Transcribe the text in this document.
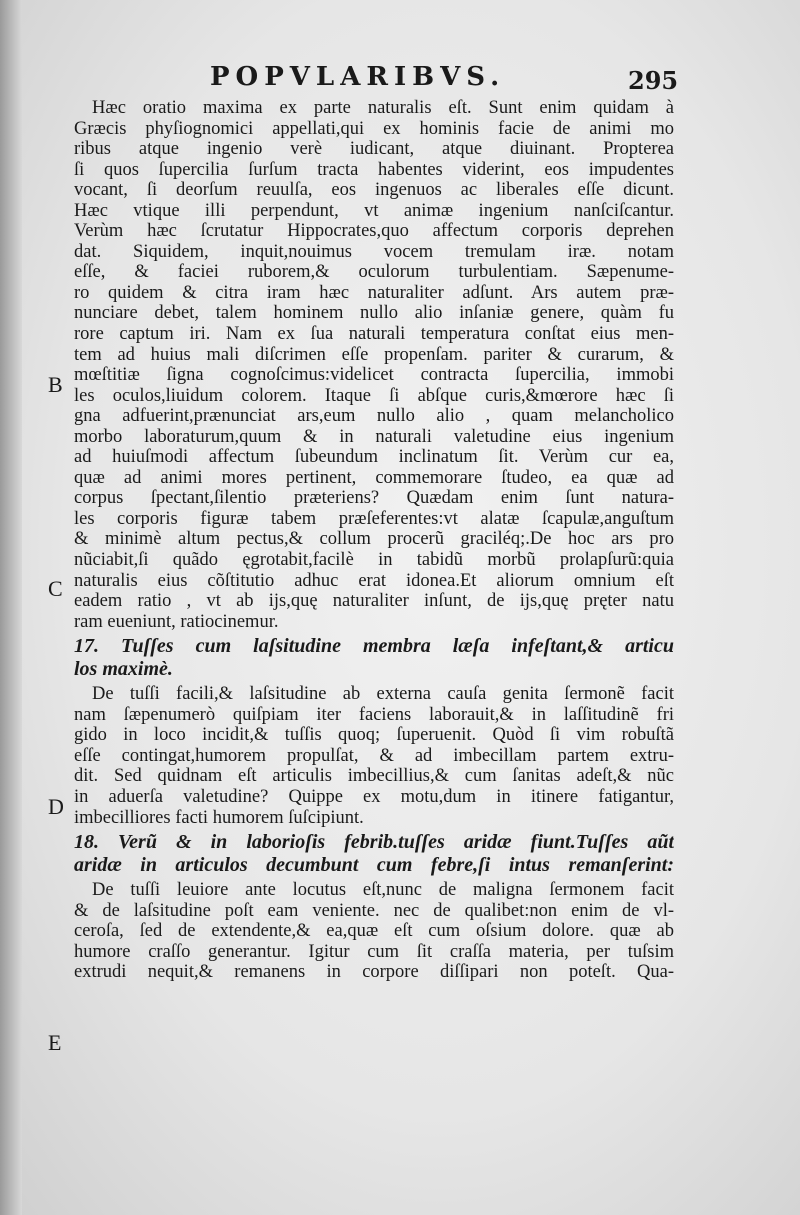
POPVLARIBVS.	295
B
C
D
E
Hæc oratio maxima ex parte naturalis eſt. Sunt enim quidam à
Græcis phyſiognomici appellati,qui ex hominis facie de animi mo
ribus atque ingenio verè iudicant, atque diuinant. Propterea
ſi quos ſupercilia ſurſum tracta habentes viderint, eos impudentes
vocant, ſi deorſum reuulſa, eos ingenuos ac liberales eſſe dicunt.
Hæc vtique illi perpendunt, vt animæ ingenium nanſciſcantur.
Verùm hæc ſcrutatur Hippocrates,quo affectum corporis deprehen
dat. Siquidem, inquit,nouimus vocem tremulam iræ. notam
eſſe, & faciei ruborem,& oculorum turbulentiam. Sæpenume-
ro quidem & citra iram hæc naturaliter adſunt. Ars autem præ-
nunciare debet, talem hominem nullo alio inſaniæ genere, quàm fu
rore captum iri. Nam ex ſua naturali temperatura conſtat eius men-
tem ad huius mali diſcrimen eſſe propenſam. pariter & curarum, &
mœſtitiæ ſigna cognoſcimus:videlicet contracta ſupercilia, immobi
les oculos,liuidum colorem. Itaque ſi abſque curis,&mœrore hæc ſi
gna adfuerint,prænunciat ars,eum nullo alio , quam melancholico
morbo laboraturum,quum & in naturali valetudine eius ingenium
ad huiuſmodi affectum ſubeundum inclinatum ſit. Verùm cur ea,
quæ ad animi mores pertinent, commemorare ſtudeo, ea quæ ad
corpus ſpectant,ſilentio præteriens? Quædam enim ſunt natura-
les corporis figuræ tabem præſeferentes:vt alatæ ſcapulæ,anguſtum
& minimè altum pectus,& collum procerũ graciléq;.De hoc ars pro
nũciabit,ſi quãdo ęgrotabit,facilè in tabidũ morbũ prolapſurũ:quia
naturalis eius cõſtitutio adhuc erat idonea.Et aliorum omnium eſt
eadem ratio , vt ab ijs,quę naturaliter inſunt, de ijs,quę pręter natu
ram eueniunt, ratiocinemur.
17. Tuſſes cum laſsitudine membra læſa infeſtant,& articu
los maximè.
De tuſſi facili,& laſsitudine ab externa cauſa genita ſermonẽ facit
nam ſæpenumerò quiſpiam iter faciens laborauit,& in laſſitudinẽ fri
gido in loco incidit,& tuſſis quoq; ſuperuenit. Quòd ſi vim robuſtã
eſſe contingat,humorem propulſat, & ad imbecillam partem extru-
dit. Sed quidnam eſt articulis imbecillius,& cum ſanitas adeſt,& nũc
in aduerſa valetudine? Quippe ex motu,dum in itinere fatigantur,
imbecilliores facti humorem ſuſcipiunt.
18. Verũ & in laborioſis febrib.tuſſes aridæ fiunt.Tuſſes aũt
aridæ in articulos decumbunt cum febre,ſi intus remanſerint:
De tuſſi leuiore ante locutus eſt,nunc de maligna ſermonem facit
& de laſsitudine poſt eam veniente. nec de qualibet:non enim de vl-
ceroſa, ſed de extendente,& ea,quæ eſt cum oſsium dolore. quæ ab
humore craſſo generantur. Igitur cum ſit craſſa materia, per tuſsim
extrudi nequit,& remanens in corpore diſſipari non poteſt. Qua-
